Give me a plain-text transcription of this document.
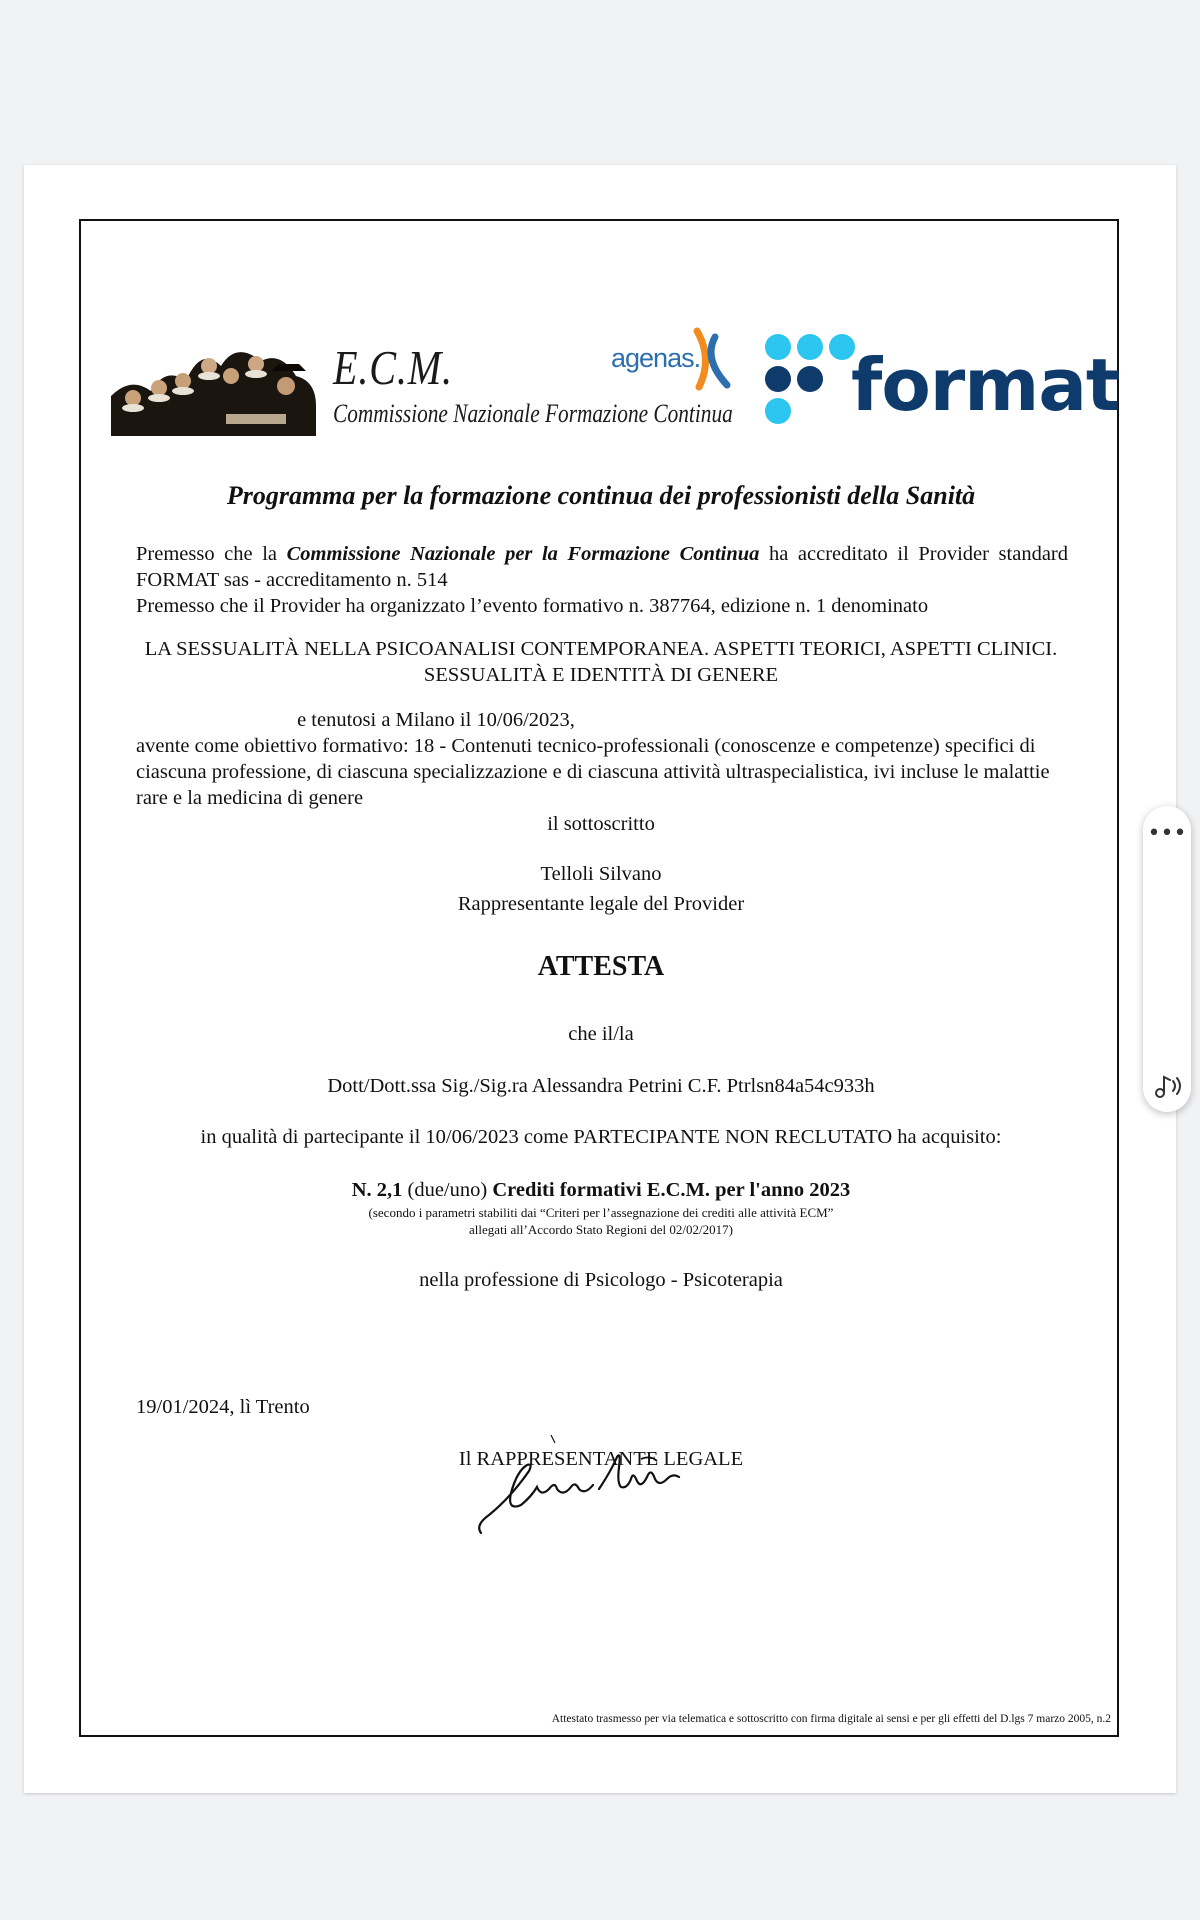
E.C.M.
Commissione Nazionale Formazione Continua
agenas. format
Programma per la formazione continua dei professionisti della Sanità
Premesso che la Commissione Nazionale per la Formazione Continua ha accreditato il Provider standard FORMAT sas - accreditamento n. 514
Premesso che il Provider ha organizzato l’evento formativo n. 387764, edizione n. 1 denominato
LA SESSUALITÀ NELLA PSICOANALISI CONTEMPORANEA. ASPETTI TEORICI, ASPETTI CLINICI. SESSUALITÀ E IDENTITÀ DI GENERE
e tenutosi a Milano il 10/06/2023,
avente come obiettivo formativo: 18 - Contenuti tecnico-professionali (conoscenze e competenze) specifici di ciascuna professione, di ciascuna specializzazione e di ciascuna attività ultraspecialistica, ivi incluse le malattie rare e la medicina di genere
il sottoscritto
Telloli Silvano
Rappresentante legale del Provider
ATTESTA
che il/la
Dott/Dott.ssa Sig./Sig.ra Alessandra Petrini C.F. Ptrlsn84a54c933h
in qualità di partecipante il 10/06/2023 come PARTECIPANTE NON RECLUTATO ha acquisito:
N. 2,1 (due/uno) Crediti formativi E.C.M. per l'anno 2023
(secondo i parametri stabiliti dai “Criteri per l’assegnazione dei crediti alle attività ECM”
allegati all’Accordo Stato Regioni del 02/02/2017)
nella professione di Psicologo - Psicoterapia
19/01/2024, lì Trento
Il RAPPRESENTANTE LEGALE
Attestato trasmesso per via telematica e sottoscritto con firma digitale ai sensi e per gli effetti del D.lgs 7 marzo 2005, n.2
•••
